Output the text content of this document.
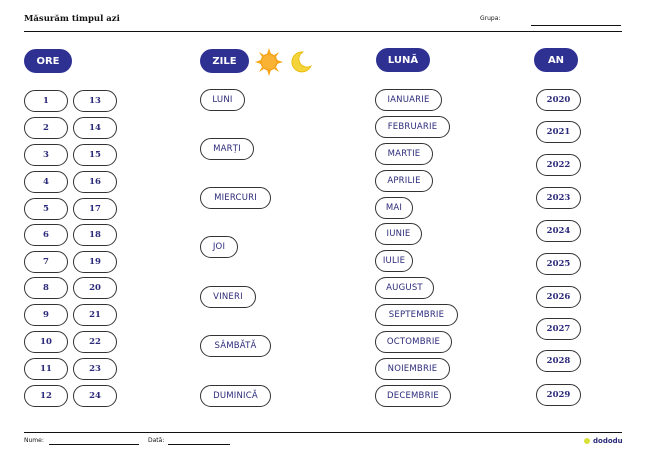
Măsurăm timpul azi	Grupa:
ORE	ZILE	LUNĂ	AN
1
2
3
4
5
6
7
8
9
10
11
12
13
14
15
16
17
18
19
20
21
22
23
24
LUNI
MARȚI
MIERCURI
JOI
VINERI
SÂMBĂTĂ
DUMINICĂ
IANUARIE
FEBRUARIE
MARTIE
APRILIE
MAI
IUNIE
IULIE
AUGUST
SEPTEMBRIE
OCTOMBRIE
NOIEMBRIE
DECEMBRIE
2020
2021
2022
2023
2024
2025
2026
2027
2028
2029
Nume:	Dată:	dododu
